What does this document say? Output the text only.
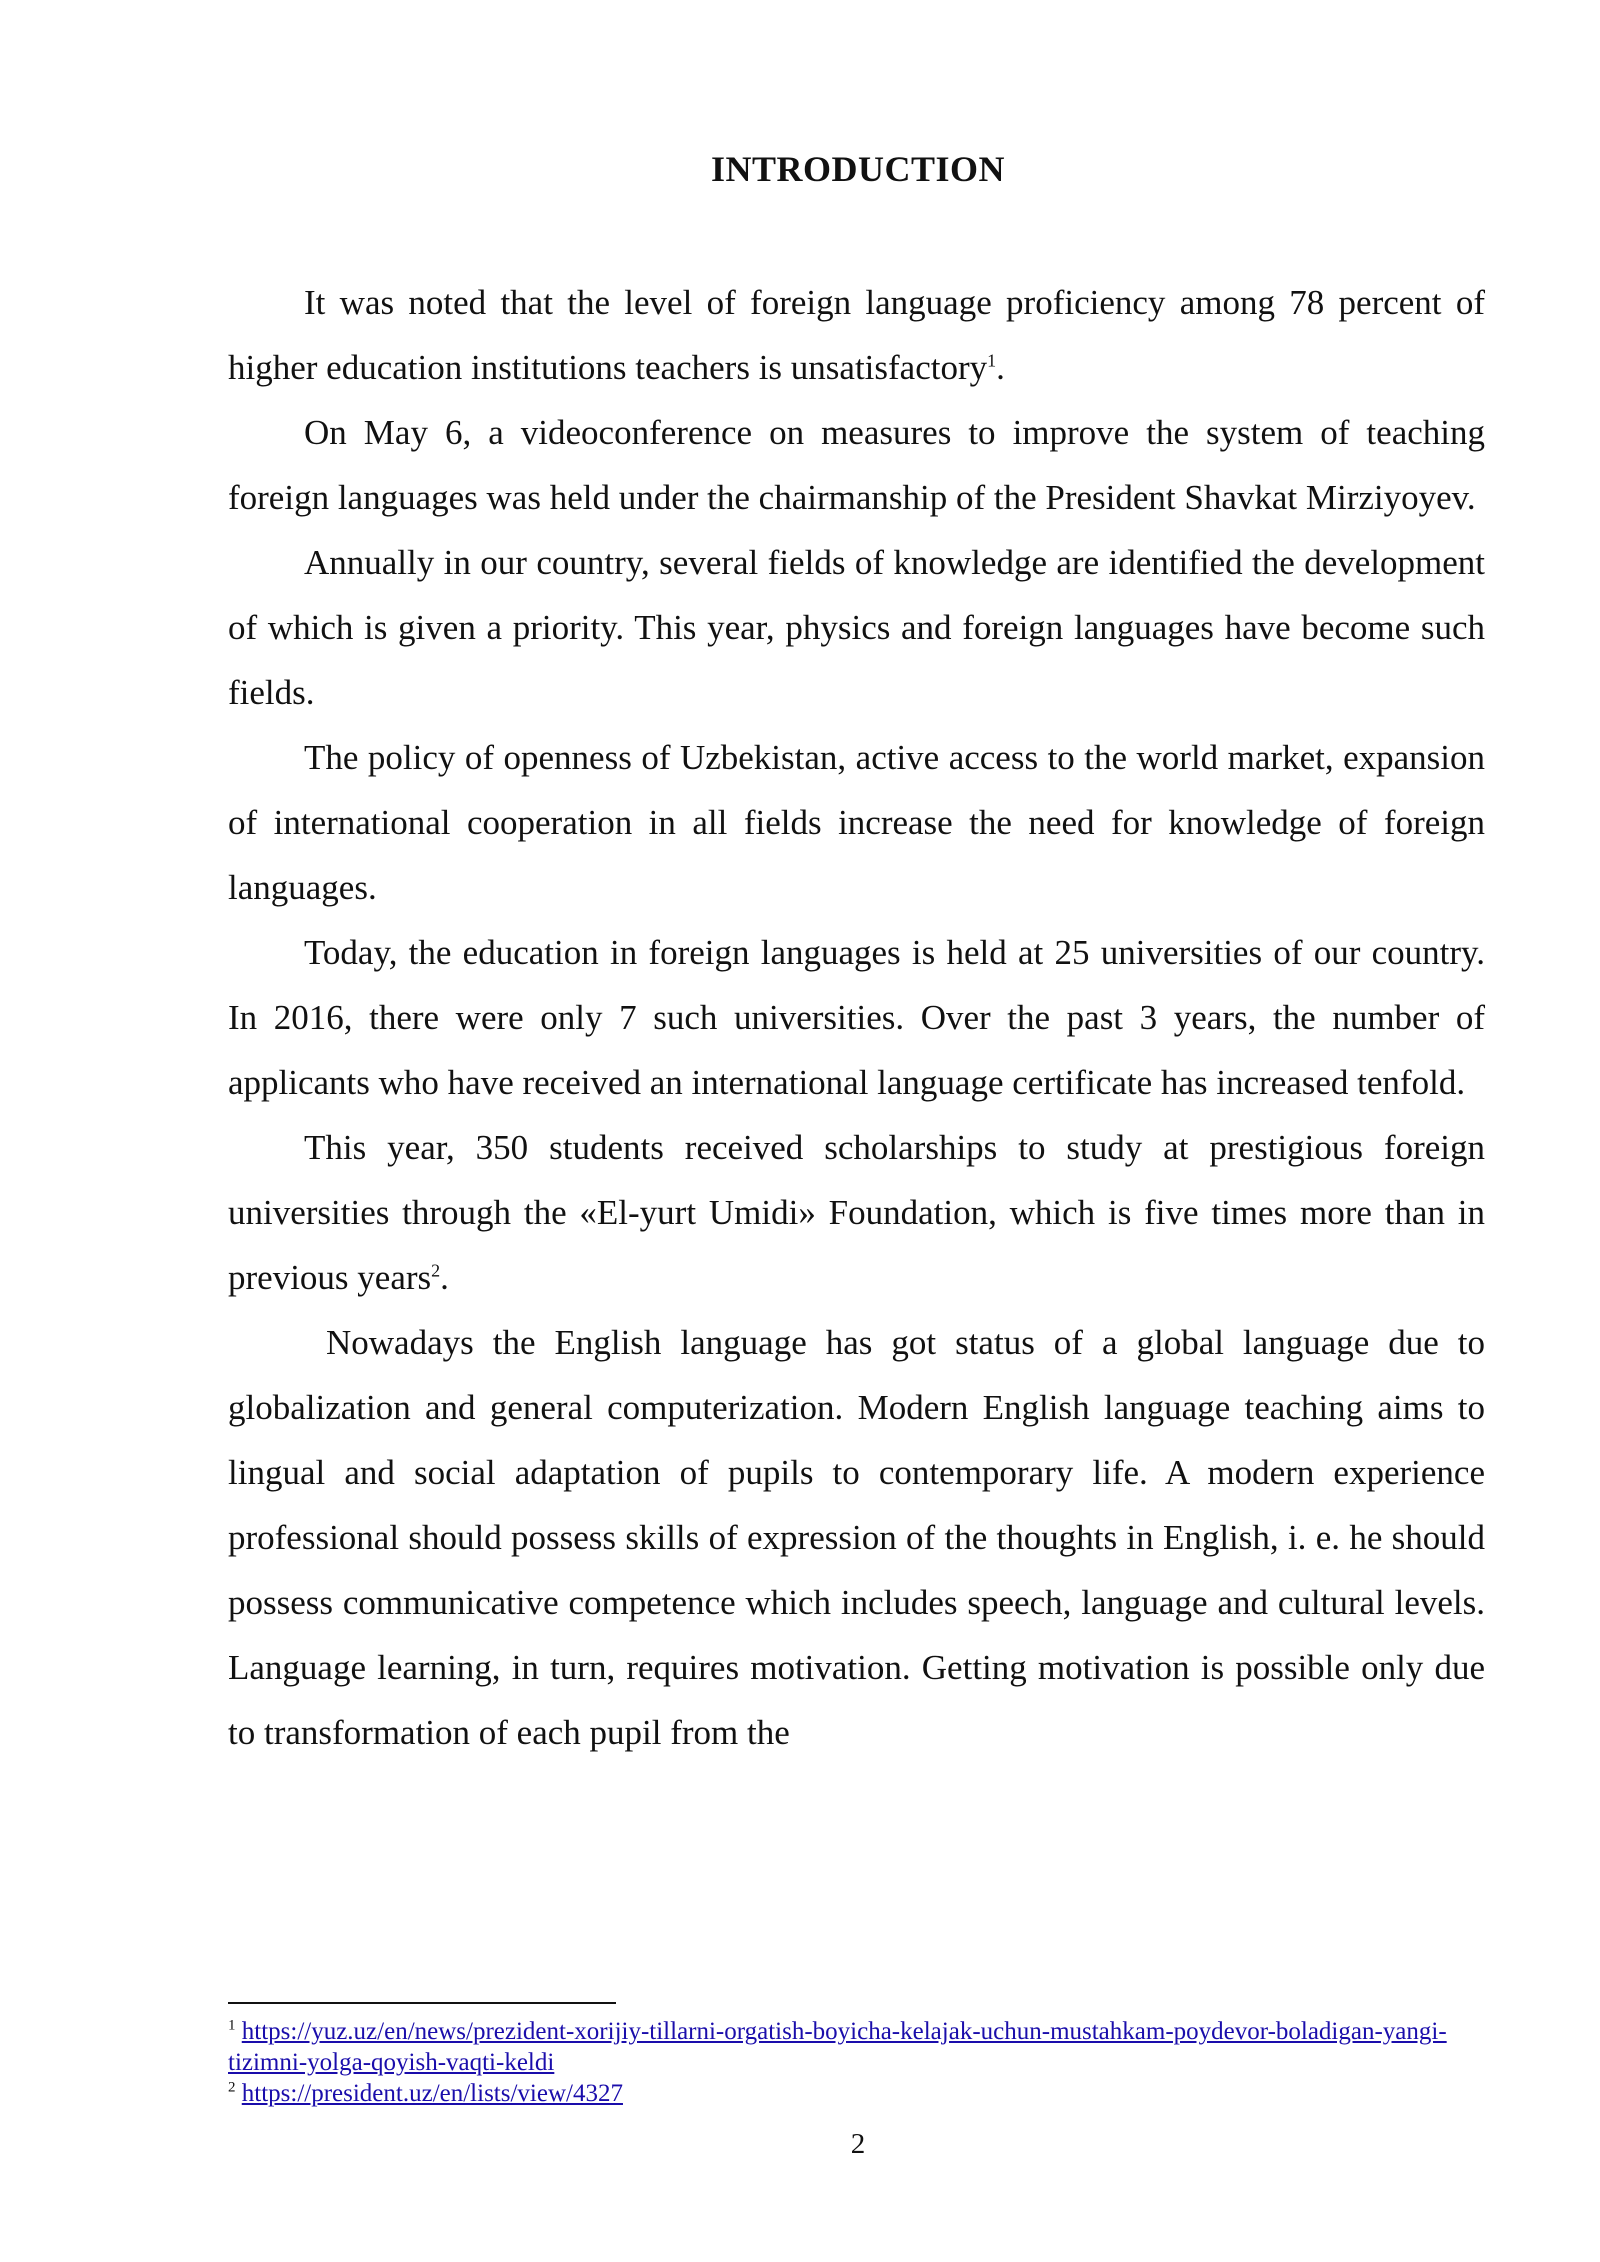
INTRODUCTION

It was noted that the level of foreign language proficiency among 78 percent of higher education institutions teachers is unsatisfactory$^1$.

On May 6, a videoconference on measures to improve the system of teaching foreign languages was held under the chairmanship of the President Shavkat Mirziyoyev.

Annually in our country, several fields of knowledge are identified the development of which is given a priority. This year, physics and foreign languages have become such fields.

The policy of openness of Uzbekistan, active access to the world market, expansion of international cooperation in all fields increase the need for knowledge of foreign languages.

Today, the education in foreign languages is held at 25 universities of our country. In 2016, there were only 7 such universities. Over the past 3 years, the number of applicants who have received an international language certificate has increased tenfold.

This year, 350 students received scholarships to study at prestigious foreign universities through the «El-yurt Umidi» Foundation, which is five times more than in previous years$^2$.

Nowadays the English language has got status of a global language due to globalization and general computerization. Modern English language teaching aims to lingual and social adaptation of pupils to contemporary life. A modern experience professional should possess skills of expression of the thoughts in English, i. e. he should possess communicative competence which includes speech, language and cultural levels. Language learning, in turn, requires motivation. Getting motivation is possible only due to transformation of each pupil from the

$^1$ https://yuz.uz/en/news/prezident-xorijiy-tillarni-orgatish-boyicha-kelajak-uchun-mustahkam-poydevor-boladigan-yangi-tizimni-yolga-qoyish-vaqti-keldi
$^2$ https://president.uz/en/lists/view/4327
2
